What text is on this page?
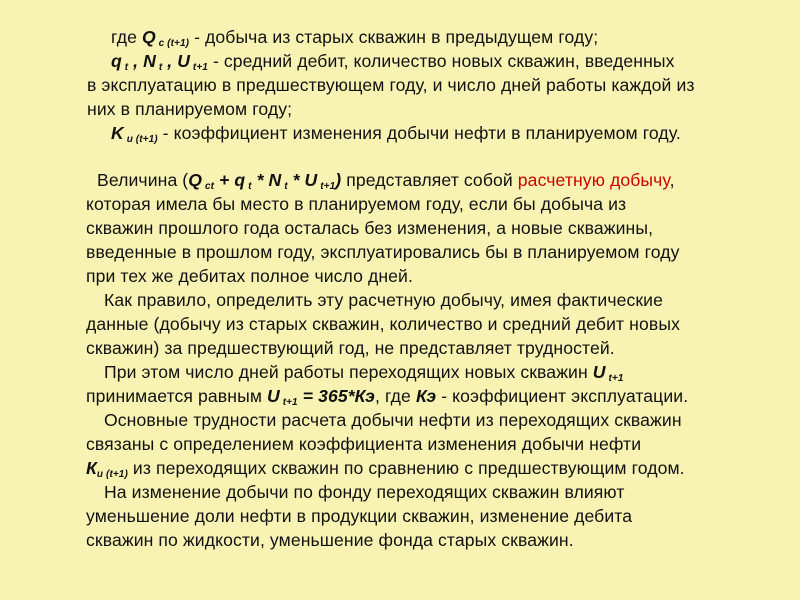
где Q $_{с (t+1)}$ - добыча из старых скважин в предыдущем году;
q $_t$ , N $_t$ , U $_{t+1}$ - средний дебит, количество новых скважин, введенных
в эксплуатацию в предшествующем году, и число дней работы каждой из
них в планируемом году;
K $_{и (t+1)}$ - коэффициент изменения добычи нефти в планируемом году.
Величина (Q $_{ct}$ + q $_t$ * N $_t$ * U $_{t+1}$) представляет собой расчетную добычу,
которая имела бы место в планируемом году, если бы добыча из
скважин прошлого года осталась без изменения, а новые скважины,
введенные в прошлом году, эксплуатировались бы в планируемом году
при тех же дебитах полное число дней.
Как правило, определить эту расчетную добычу, имея фактические
данные (добычу из старых скважин, количество и средний дебит новых
скважин) за предшествующий год, не представляет трудностей.
При этом число дней работы переходящих новых скважин U $_{t+1}$
принимается равным U $_{t+1}$ = 365*Кэ, где Кэ - коэффициент эксплуатации.
Основные трудности расчета добычи нефти из переходящих скважин
связаны с определением коэффициента изменения добычи нефти
$К_{и (t+1)}$ из переходящих скважин по сравнению с предшествующим годом.
На изменение добычи по фонду переходящих скважин влияют
уменьшение доли нефти в продукции скважин, изменение дебита
скважин по жидкости, уменьшение фонда старых скважин.
